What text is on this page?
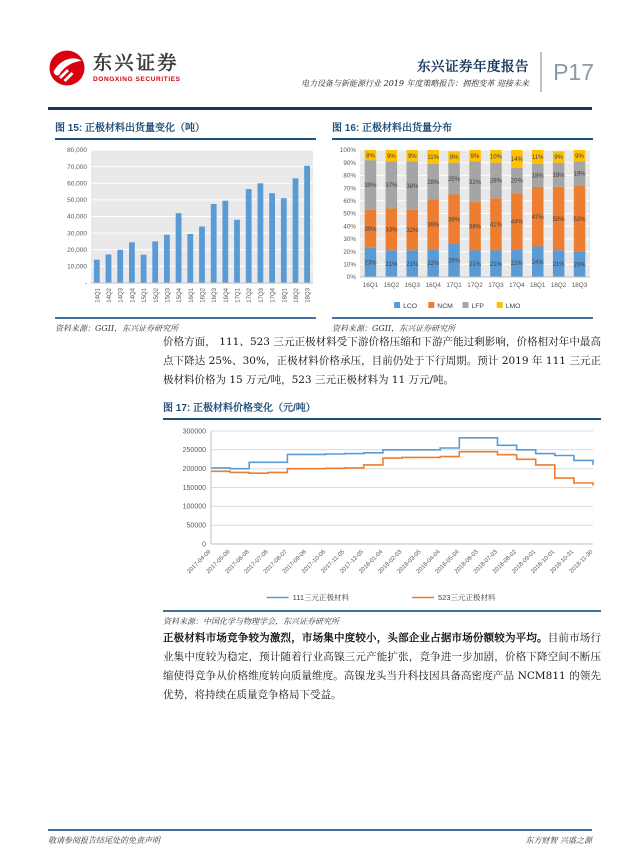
东兴证券
DONGXING SECURITIES
东兴证券年度报告
电力设备与新能源行业 2019 年度策略报告：拥抱变革 迎接未来	P17
图 15: 正极材料出货量变化（吨）
-
10,000
20,000
30,000
40,000
50,000
60,000
70,000
80,000
14Q1 14Q2 14Q3 14Q4 15Q1 15Q2 15Q3 15Q4 16Q1 16Q2 16Q3 16Q4 17Q1 17Q2 17Q3 17Q4 18Q1 18Q2 18Q3
资料来源：GGII，东兴证券研究所
图 16: 正极材料出货量分布
0%
10%
20%
30%
40%
50%
60%
70%
80%
90%
100%
23%
30%
39%
8%
16Q1
21%
33%
37%
9%
16Q2
21%
32%
38%
9%
16Q3
22%
39%
28%
11%
16Q4
26%
39%
25%
9%
17Q1
21%
38%
32%
9%
17Q2
21%
41%
28%
10%
17Q3
22%
44%
20%
14%
17Q4
24%
47%
18%
11%
18Q1
21%
50%
19%
9%
18Q2
20%
52%
19%
9%
18Q3
LCO	NCM	LFP	LMO
资料来源：GGII，东兴证券研究所
价格方面， 111、523 三元正极材料受下游价格压缩和下游产能过剩影响，价格相对年中最高点下降达 25%、30%，正极材料价格承压，目前仍处于下行周期。预计 2019 年 111 三元正极材料价格为 15 万元/吨，523 三元正极材料为 11 万元/吨。
图 17: 正极材料价格变化（元/吨）
0
50000
100000
150000
200000
250000
300000
2017-04-09
2017-05-09
2017-06-08
2017-07-08
2017-08-07
2017-09-06
2017-10-06
2017-11-05
2017-12-05
2018-01-04
2018-02-03
2018-03-05
2018-04-04
2018-05-04
2018-06-03
2018-07-03
2018-08-02
2018-09-01
2018-10-01
2018-10-31
2018-11-30
111三元正极材料	523三元正极材料
资料来源：中国化学与物理学会，东兴证券研究所
正极材料市场竞争较为激烈，市场集中度较小，头部企业占据市场份额较为平均。目前市场行业集中度较为稳定，预计随着行业高镍三元产能扩张，竞争进一步加剧，价格下降空间不断压缩使得竞争从价格维度转向质量维度。高镍龙头当升科技因具备高密度产品 NCM811 的领先优势，将持续在质量竞争格局下受益。
敬请参阅报告结尾处的免责声明	东方财智 兴盛之源
